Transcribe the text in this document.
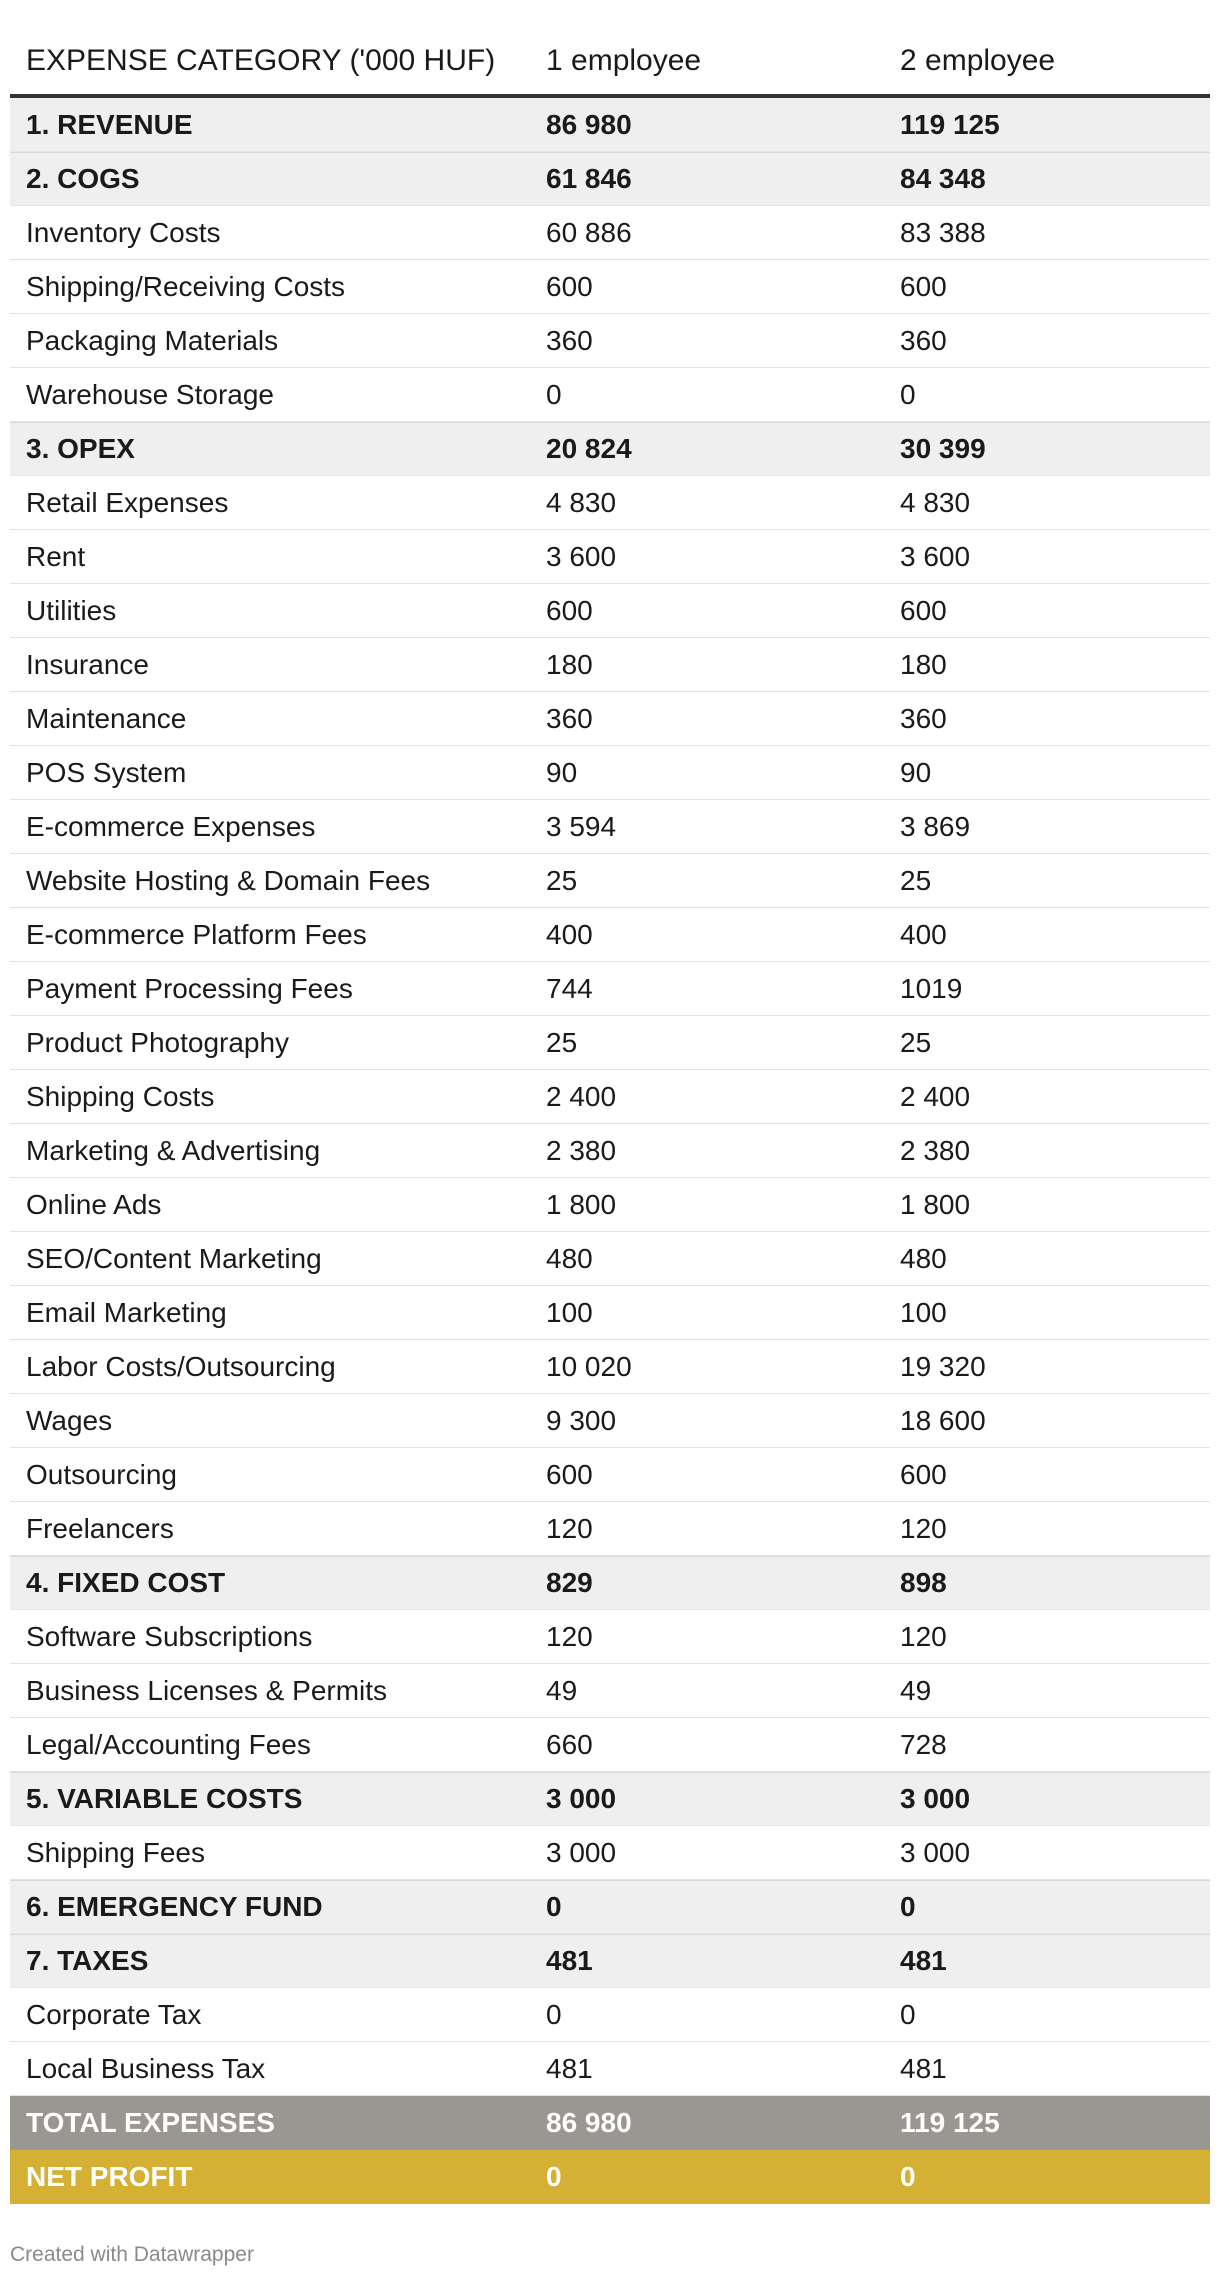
EXPENSE CATEGORY ('000 HUF)	1 employee	2 employee
1. REVENUE	86 980	119 125
2. COGS	61 846	84 348
Inventory Costs	60 886	83 388
Shipping/Receiving Costs	600	600
Packaging Materials	360	360
Warehouse Storage	0	0
3. OPEX	20 824	30 399
Retail Expenses	4 830	4 830
Rent	3 600	3 600
Utilities	600	600
Insurance	180	180
Maintenance	360	360
POS System	90	90
E-commerce Expenses	3 594	3 869
Website Hosting & Domain Fees	25	25
E-commerce Platform Fees	400	400
Payment Processing Fees	744	1019
Product Photography	25	25
Shipping Costs	2 400	2 400
Marketing & Advertising	2 380	2 380
Online Ads	1 800	1 800
SEO/Content Marketing	480	480
Email Marketing	100	100
Labor Costs/Outsourcing	10 020	19 320
Wages	9 300	18 600
Outsourcing	600	600
Freelancers	120	120
4. FIXED COST	829	898
Software Subscriptions	120	120
Business Licenses & Permits	49	49
Legal/Accounting Fees	660	728
5. VARIABLE COSTS	3 000	3 000
Shipping Fees	3 000	3 000
6. EMERGENCY FUND	0	0
7. TAXES	481	481
Corporate Tax	0	0
Local Business Tax	481	481
TOTAL EXPENSES	86 980	119 125
NET PROFIT	0	0
Created with Datawrapper
